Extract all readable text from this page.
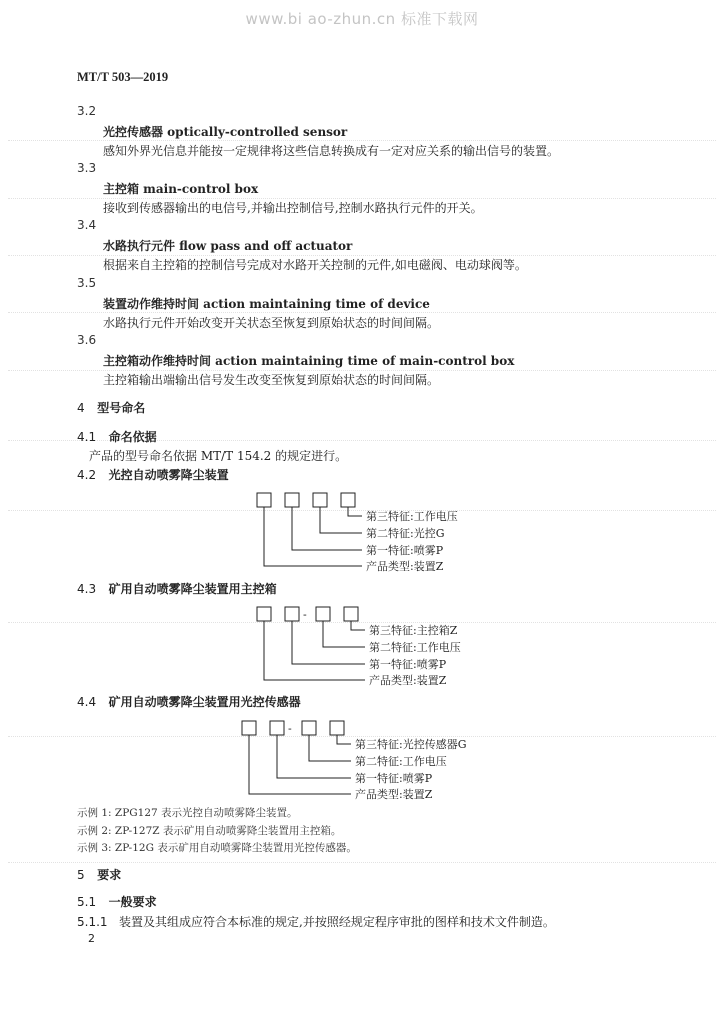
www.bi ao-zhun.cn 标准下载网
MT/T 503—2019
3.2
光控传感器 optically-controlled sensor
感知外界光信息并能按一定规律将这些信息转换成有一定对应关系的输出信号的装置。
3.3
主控箱 main-control box
接收到传感器输出的电信号,并输出控制信号,控制水路执行元件的开关。
3.4
水路执行元件 flow pass and off actuator
根据来自主控箱的控制信号完成对水路开关控制的元件,如电磁阀、电动球阀等。
3.5
装置动作维持时间 action maintaining time of device
水路执行元件开始改变开关状态至恢复到原始状态的时间间隔。
3.6
主控箱动作维持时间 action maintaining time of main-control box
主控箱输出端输出信号发生改变至恢复到原始状态的时间间隔。
4 型号命名
4.1 命名依据
产品的型号命名依据 MT/T 154.2 的规定进行。
4.2 光控自动喷雾降尘装置
第三特征:工作电压
第二特征:光控G
第一特征:喷雾P
产品类型:装置Z
4.3 矿用自动喷雾降尘装置用主控箱
-
第三特征:主控箱Z
第二特征:工作电压
第一特征:喷雾P
产品类型:装置Z
4.4 矿用自动喷雾降尘装置用光控传感器
-
第三特征:光控传感器G
第二特征:工作电压
第一特征:喷雾P
产品类型:装置Z
示例 1: ZPG127 表示光控自动喷雾降尘装置。
示例 2: ZP-127Z 表示矿用自动喷雾降尘装置用主控箱。
示例 3: ZP-12G 表示矿用自动喷雾降尘装置用光控传感器。
5 要求
5.1 一般要求
5.1.1 装置及其组成应符合本标准的规定,并按照经规定程序审批的图样和技术文件制造。
2
